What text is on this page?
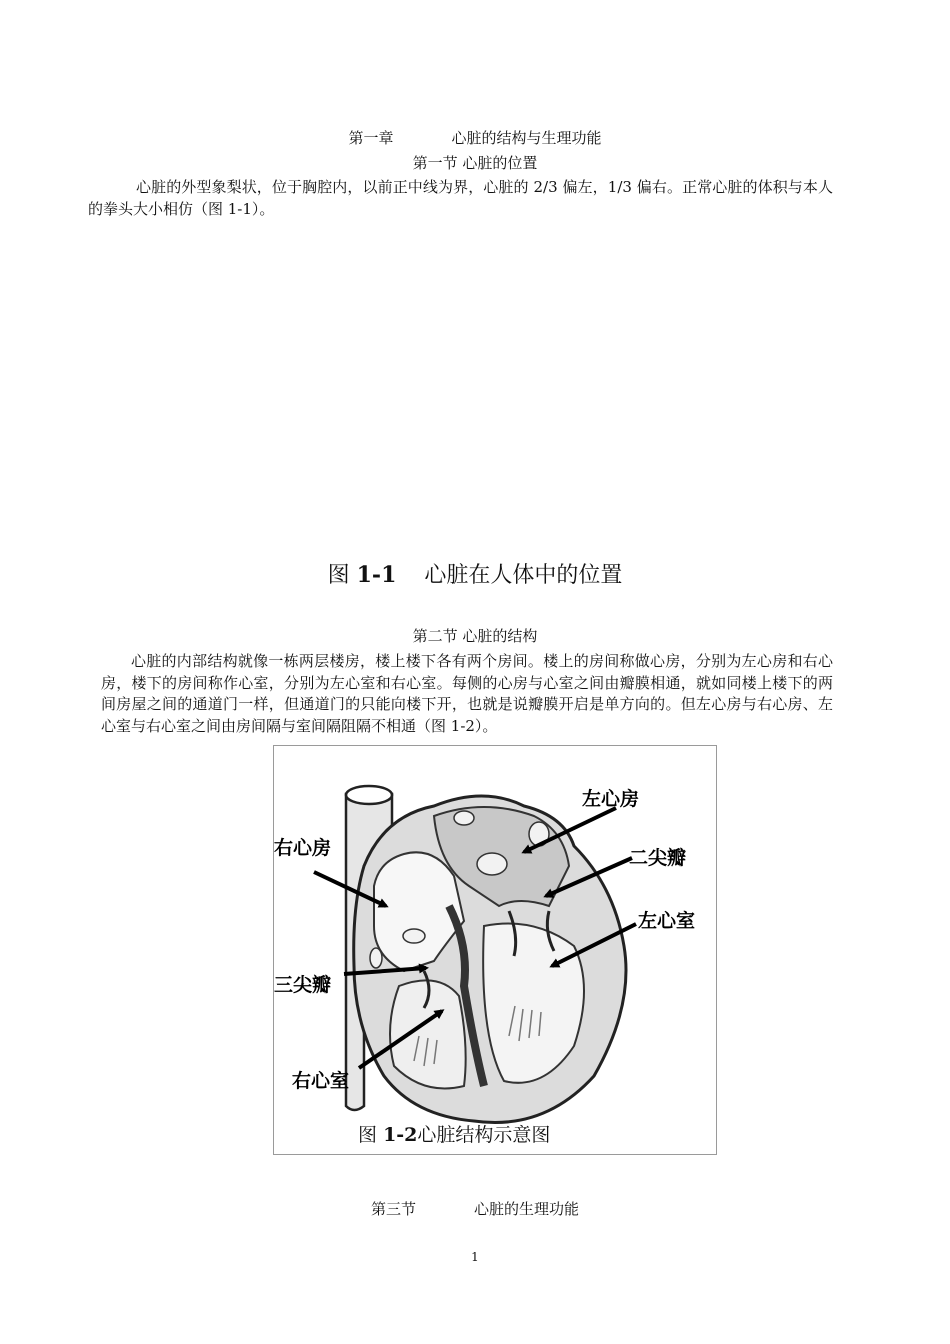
第一章	心脏的结构与生理功能
第一节 心脏的位置
心脏的外型象梨状，位于胸腔内，以前正中线为界，心脏的 2/3 偏左，1/3 偏右。正常心脏的体积与本人的拳头大小相仿（图 1-1）。
图 1-1 心脏在人体中的位置
第二节 心脏的结构
心脏的内部结构就像一栋两层楼房，楼上楼下各有两个房间。楼上的房间称做心房，分别为左心房和右心房，楼下的房间称作心室，分别为左心室和右心室。每侧的心房与心室之间由瓣膜相通，就如同楼上楼下的两间房屋之间的通道门一样，但通道门的只能向楼下开，也就是说瓣膜开启是单方向的。但左心房与右心房、左心室与右心室之间由房间隔与室间隔阻隔不相通（图 1-2）。
左心房
右心房	二尖瓣
左心室
三尖瓣
右心室
图 1-2心脏结构示意图
第三节	心脏的生理功能
1
